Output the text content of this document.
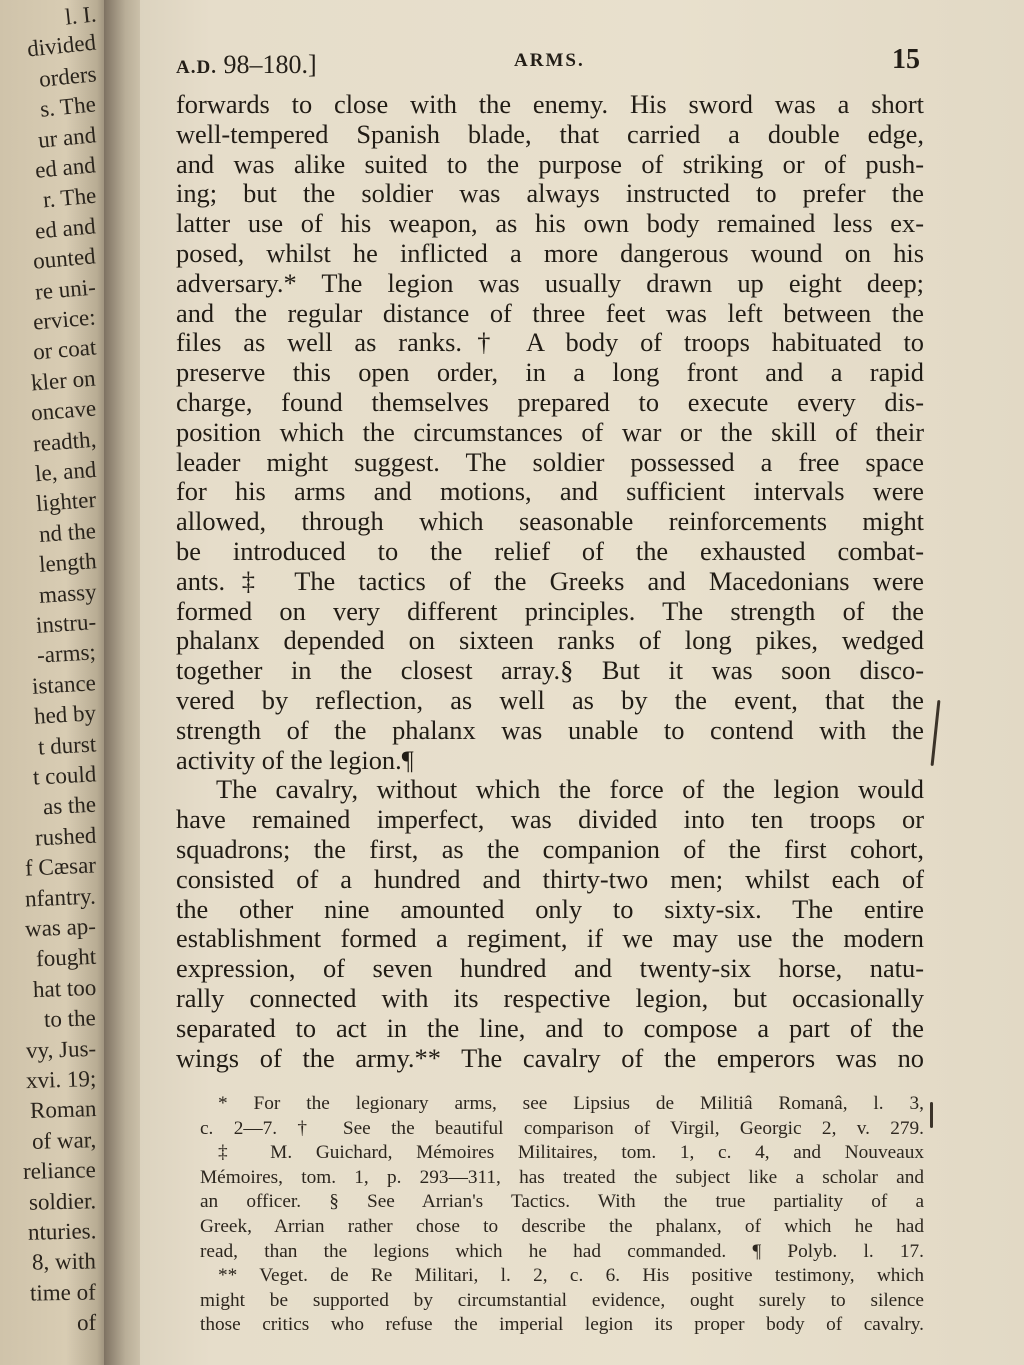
l. I.
divided
orders
s. The
ur and
ed and
r. The
ed and
ounted
re uni-
ervice:
or coat
kler on
oncave
readth,
le, and
lighter
nd the
length
massy
instru-
-arms;
istance
hed by
t durst
t could
as the
rushed
f Cæsar
nfantry.
was ap-
fought
hat too
to the
vy, Jus-
xvi. 19;
Roman
of war,
reliance
soldier.
nturies.
8, with
time of
of
A.D. 98–180.]	ARMS.	15
forwards to close with the enemy. His sword was a short
well-tempered Spanish blade, that carried a double edge,
and was alike suited to the purpose of striking or of push-
ing; but the soldier was always instructed to prefer the
latter use of his weapon, as his own body remained less ex-
posed, whilst he inflicted a more dangerous wound on his
adversary.* The legion was usually drawn up eight deep;
and the regular distance of three feet was left between the
files as well as ranks.† A body of troops habituated to
preserve this open order, in a long front and a rapid
charge, found themselves prepared to execute every dis-
position which the circumstances of war or the skill of their
leader might suggest. The soldier possessed a free space
for his arms and motions, and sufficient intervals were
allowed, through which seasonable reinforcements might
be introduced to the relief of the exhausted combat-
ants.‡ The tactics of the Greeks and Macedonians were
formed on very different principles. The strength of the
phalanx depended on sixteen ranks of long pikes, wedged
together in the closest array.§ But it was soon disco-
vered by reflection, as well as by the event, that the
strength of the phalanx was unable to contend with the
activity of the legion.¶
The cavalry, without which the force of the legion would
have remained imperfect, was divided into ten troops or
squadrons; the first, as the companion of the first cohort,
consisted of a hundred and thirty-two men; whilst each of
the other nine amounted only to sixty-six. The entire
establishment formed a regiment, if we may use the modern
expression, of seven hundred and twenty-six horse, natu-
rally connected with its respective legion, but occasionally
separated to act in the line, and to compose a part of the
wings of the army.** The cavalry of the emperors was no
* For the legionary arms, see Lipsius de Militiâ Romanâ, l. 3,
c. 2—7. † See the beautiful comparison of Virgil, Georgic 2, v. 279.
‡ M. Guichard, Mémoires Militaires, tom. 1, c. 4, and Nouveaux
Mémoires, tom. 1, p. 293—311, has treated the subject like a scholar and
an officer. § See Arrian's Tactics. With the true partiality of a
Greek, Arrian rather chose to describe the phalanx, of which he had
read, than the legions which he had commanded. ¶ Polyb. l. 17.
** Veget. de Re Militari, l. 2, c. 6. His positive testimony, which
might be supported by circumstantial evidence, ought surely to silence
those critics who refuse the imperial legion its proper body of cavalry.
